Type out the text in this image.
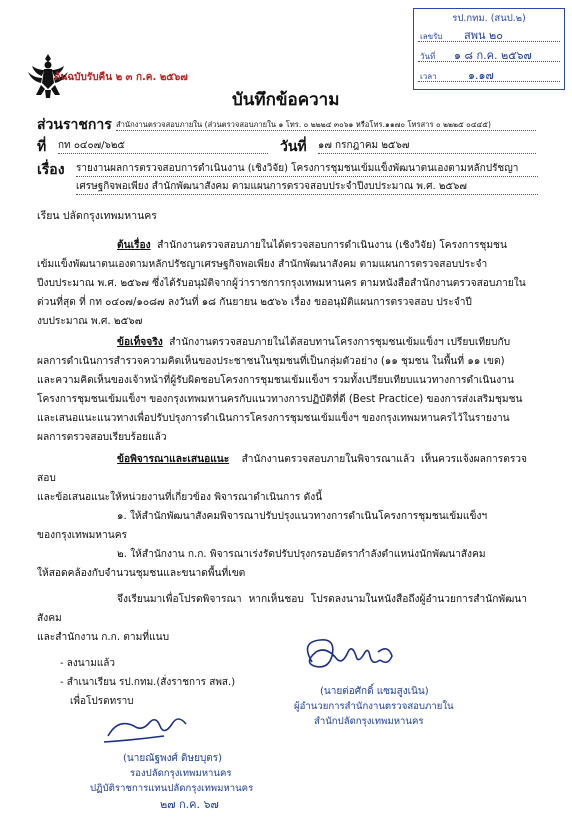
ต้นฉบับรับคืน ๒ ๓ ก.ค. ๒๕๖๗
รป.กทม. (สนป.๒)
เลขรับ สพน ๒๐
วันที่ ๑ ๘ ก.ค. ๒๕๖๗
เวลา	๑.๑๗
บันทึกข้อความ
ส่วนราชการ สำนักงานตรวจสอบภายใน (ส่วนตรวจสอบภายใน ๑ โทร. ๐ ๒๒๒๔ ๓๐๖๑ หรือโทร.๑๑๗๐ โทรสาร ๐ ๒๒๒๕ ๐๔๔๕)
ที่ กท ๐๔๐๗/๖๒๕	วันที่ ๑๗ กรกฎาคม ๒๕๖๗
เรื่อง รายงานผลการตรวจสอบการดำเนินงาน (เชิงวิจัย) โครงการชุมชนเข้มแข็งพัฒนาตนเองตามหลักปรัชญา
เศรษฐกิจพอเพียง สำนักพัฒนาสังคม ตามแผนการตรวจสอบประจำปีงบประมาณ พ.ศ. ๒๕๖๗
เรียน ปลัดกรุงเทพมหานคร

ต้นเรื่อง สำนักงานตรวจสอบภายในได้ตรวจสอบการดำเนินงาน (เชิงวิจัย) โครงการชุมชน

เข้มแข็งพัฒนาตนเองตามหลักปรัชญาเศรษฐกิจพอเพียง สำนักพัฒนาสังคม ตามแผนการตรวจสอบประจำ

ปีงบประมาณ พ.ศ. ๒๕๖๗ ซึ่งได้รับอนุมัติจากผู้ว่าราชการกรุงเทพมหานคร ตามหนังสือสำนักงานตรวจสอบภายใน

ด่วนที่สุด ที่ กท ๐๔๐๗/๑๐๘๗ ลงวันที่ ๑๘ กันยายน ๒๕๖๖ เรื่อง ขออนุมัติแผนการตรวจสอบ ประจำปี

งบประมาณ พ.ศ. ๒๕๖๗

ข้อเท็จจริง สำนักงานตรวจสอบภายในได้สอบทานโครงการชุมชนเข้มแข็งฯ เปรียบเทียบกับ

ผลการดำเนินการสำรวจความคิดเห็นของประชาชนในชุมชนที่เป็นกลุ่มตัวอย่าง (๑๑ ชุมชน ในพื้นที่ ๑๑ เขต)

และความคิดเห็นของเจ้าหน้าที่ผู้รับผิดชอบโครงการชุมชนเข้มแข็งฯ รวมทั้งเปรียบเทียบแนวทางการดำเนินงาน

โครงการชุมชนเข้มแข็งฯ ของกรุงเทพมหานครกับแนวทางการปฏิบัติที่ดี (Best Practice) ของการส่งเสริมชุมชน

และเสนอแนะแนวทางเพื่อปรับปรุงการดำเนินการโครงการชุมชนเข้มแข็งฯ ของกรุงเทพมหานครไว้ในรายงาน

ผลการตรวจสอบเรียบร้อยแล้ว

ข้อพิจารณาและเสนอแนะ สำนักงานตรวจสอบภายในพิจารณาแล้ว เห็นควรแจ้งผลการตรวจสอบ

และข้อเสนอแนะให้หน่วยงานที่เกี่ยวข้อง พิจารณาดำเนินการ ดังนี้

๑. ให้สำนักพัฒนาสังคมพิจารณาปรับปรุงแนวทางการดำเนินโครงการชุมชนเข้มแข็งฯ

ของกรุงเทพมหานคร

๒. ให้สำนักงาน ก.ก. พิจารณาเร่งรัดปรับปรุงกรอบอัตรากำลังตำแหน่งนักพัฒนาสังคม

ให้สอดคล้องกับจำนวนชุมชนและขนาดพื้นที่เขต

จึงเรียนมาเพื่อโปรดพิจารณา หากเห็นชอบ โปรดลงนามในหนังสือถึงผู้อำนวยการสำนักพัฒนาสังคม

และสำนักงาน ก.ก. ตามที่แนบ

(นายต่อศักดิ์ แซมสูงเนิน)
ผู้อำนวยการสำนักงานตรวจสอบภายใน
สำนักปลัดกรุงเทพมหานคร
- ลงนามแล้ว
- สำเนาเรียน รป.กทม.(สั่งราชการ สพส.)
เพื่อโปรดทราบ
(นายณัฐพงศ์ ดิษยบุตร)
รองปลัดกรุงเทพมหานคร
ปฏิบัติราชการแทนปลัดกรุงเทพมหานคร
๒๗ ก.ค. ๖๗
